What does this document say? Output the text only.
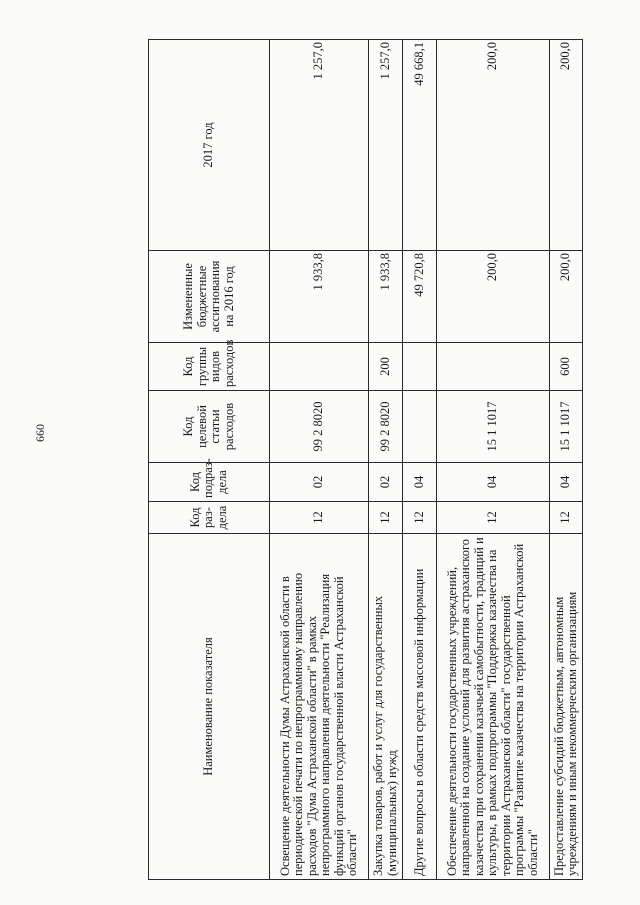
660
Наименование показателя	Код раз-дела	Код подраз-дела	Код целевой статьи расходов	Код группы видов расходов	Измененные бюджетные ассигнования на 2016 год	2017 год
Освещение деятельности Думы Астраханской области в периодической печати по непрограммному направлению расходов "Дума Астраханской области" в рамках непрограммного направления деятельности "Реализация функций органов государственной власти Астраханской области"	12	02	99 2 8020		1 933,8	1 257,0
Закупка товаров, работ и услуг для государственных (муниципальных) нужд	12	02	99 2 8020	200	1 933,8	1 257,0
Другие вопросы в области средств массовой информации	12	04			49 720,8	49 668,1
Обеспечение деятельности государственных учреждений, направленной на создание условий для развития астраханского казачества при сохранении казачьей самобытности, традиций и культуры, в рамках подпрограммы "Поддержка казачества на территории Астраханской области" государственной программы "Развитие казачества на территории Астраханской области"	12	04	15 1 1017		200,0	200,0
Предоставление субсидий бюджетным, автономным учреждениям и иным некоммерческим организациям	12	04	15 1 1017	600	200,0	200,0
